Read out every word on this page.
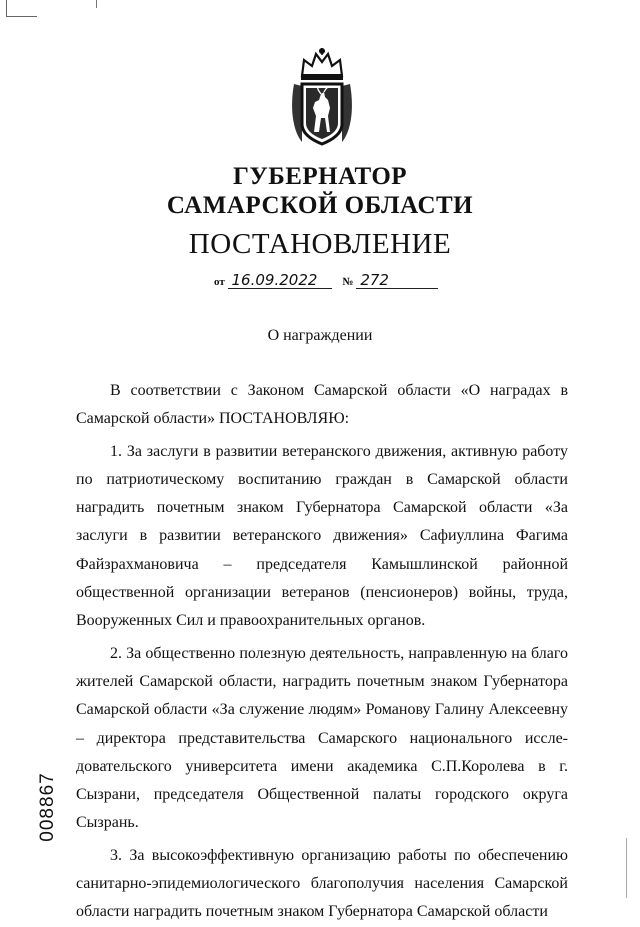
ГУБЕРНАТОР
САМАРСКОЙ ОБЛАСТИ
ПОСТАНОВЛЕНИЕ
от 16.09.2022 № 272
О награждении

В соответствии с Законом Самарской области «О наградах в Самарской области» ПОСТАНОВЛЯЮ:

1. За заслуги в развитии ветеранского движения, активную работу по патриотическому воспитанию граждан в Самарской области наградить почетным знаком Губернатора Самарской области «За заслуги в развитии ветеранского движения» Сафиуллина Фагима Файзрахмановича – председателя Камышлинской районной общественной организации ветеранов (пенсионеров) войны, труда, Вооруженных Сил и правоохранительных органов.

2. За общественно полезную деятельность, направленную на благо жителей Самарской области, наградить почетным знаком Губернатора Самарской области «За служение людям» Романову Галину Алексеевну – директора представительства Самарского национального иссле-довательского университета имени академика С.П.Королева в г. Сызрани, председателя Общественной палаты городского округа Сызрань.

3. За высокоэффективную организацию работы по обеспечению санитарно-эпидемиологического благополучия населения Самарской области наградить почетным знаком Губернатора Самарской области

008867
